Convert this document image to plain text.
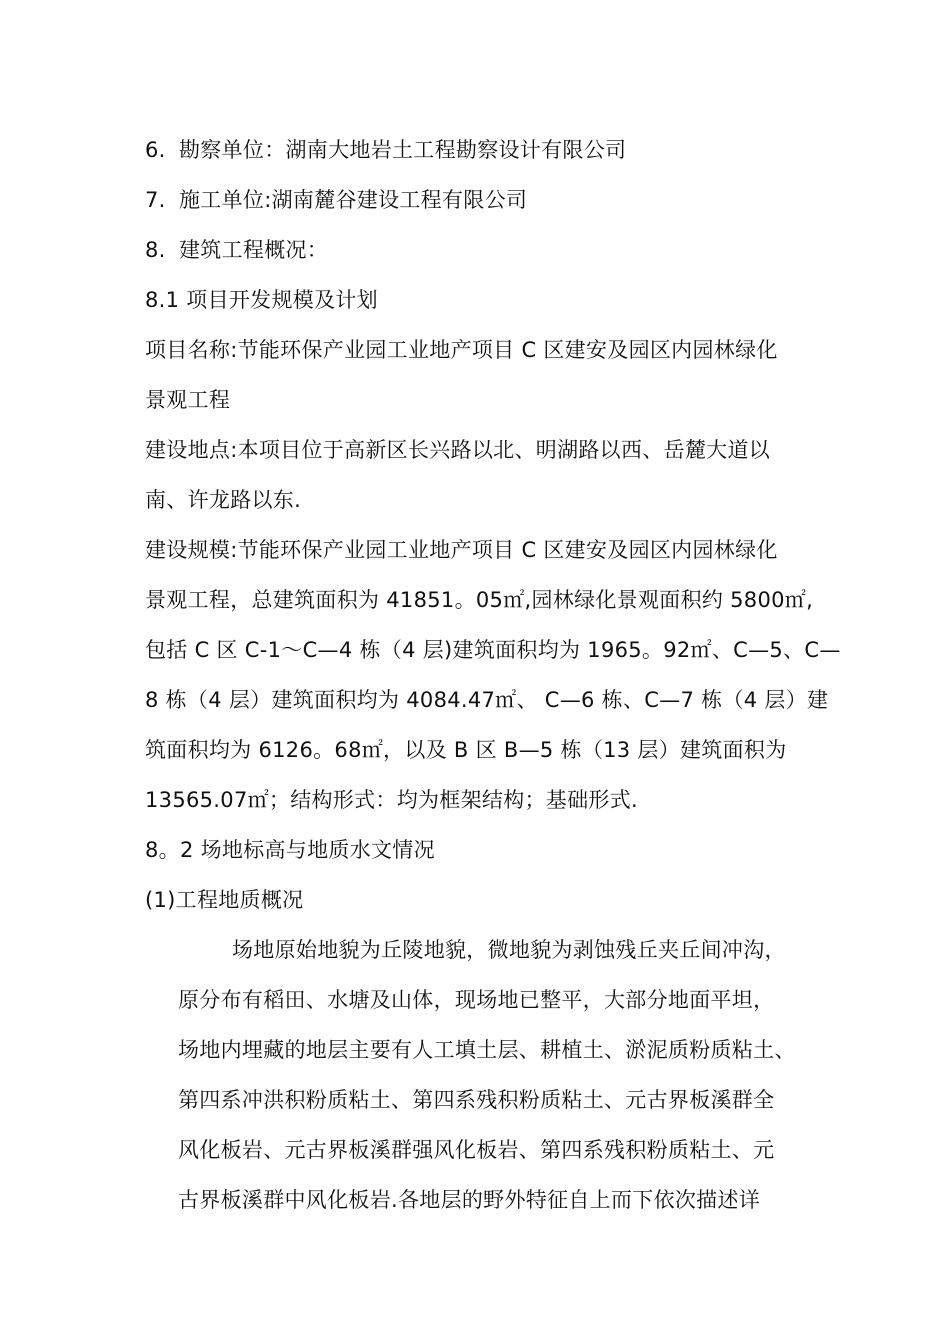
6. 勘察单位：湖南大地岩土工程勘察设计有限公司
7. 施工单位:湖南麓谷建设工程有限公司
8. 建筑工程概况：
8.1 项目开发规模及计划
项目名称:节能环保产业园工业地产项目 C 区建安及园区内园林绿化
景观工程
建设地点:本项目位于高新区长兴路以北、明湖路以西、岳麓大道以
南、许龙路以东.
建设规模:节能环保产业园工业地产项目 C 区建安及园区内园林绿化
景观工程，总建筑面积为 41851。05㎡,园林绿化景观面积约 5800㎡,
包括 C 区 C-1～C—4 栋（4 层)建筑面积均为 1965。92㎡、C—5、C—
8 栋（4 层）建筑面积均为 4084.47㎡、 C—6 栋、C—7 栋（4 层）建
筑面积均为 6126。68㎡，以及 B 区 B—5 栋（13 层）建筑面积为
13565.07㎡；结构形式：均为框架结构；基础形式.
8。2 场地标高与地质水文情况
(1)工程地质概况
场地原始地貌为丘陵地貌，微地貌为剥蚀残丘夹丘间冲沟，
原分布有稻田、水塘及山体，现场地已整平，大部分地面平坦，
场地内埋藏的地层主要有人工填土层、耕植土、淤泥质粉质粘土、
第四系冲洪积粉质粘土、第四系残积粉质粘土、元古界板溪群全
风化板岩、元古界板溪群强风化板岩、第四系残积粉质粘土、元
古界板溪群中风化板岩.各地层的野外特征自上而下依次描述详
